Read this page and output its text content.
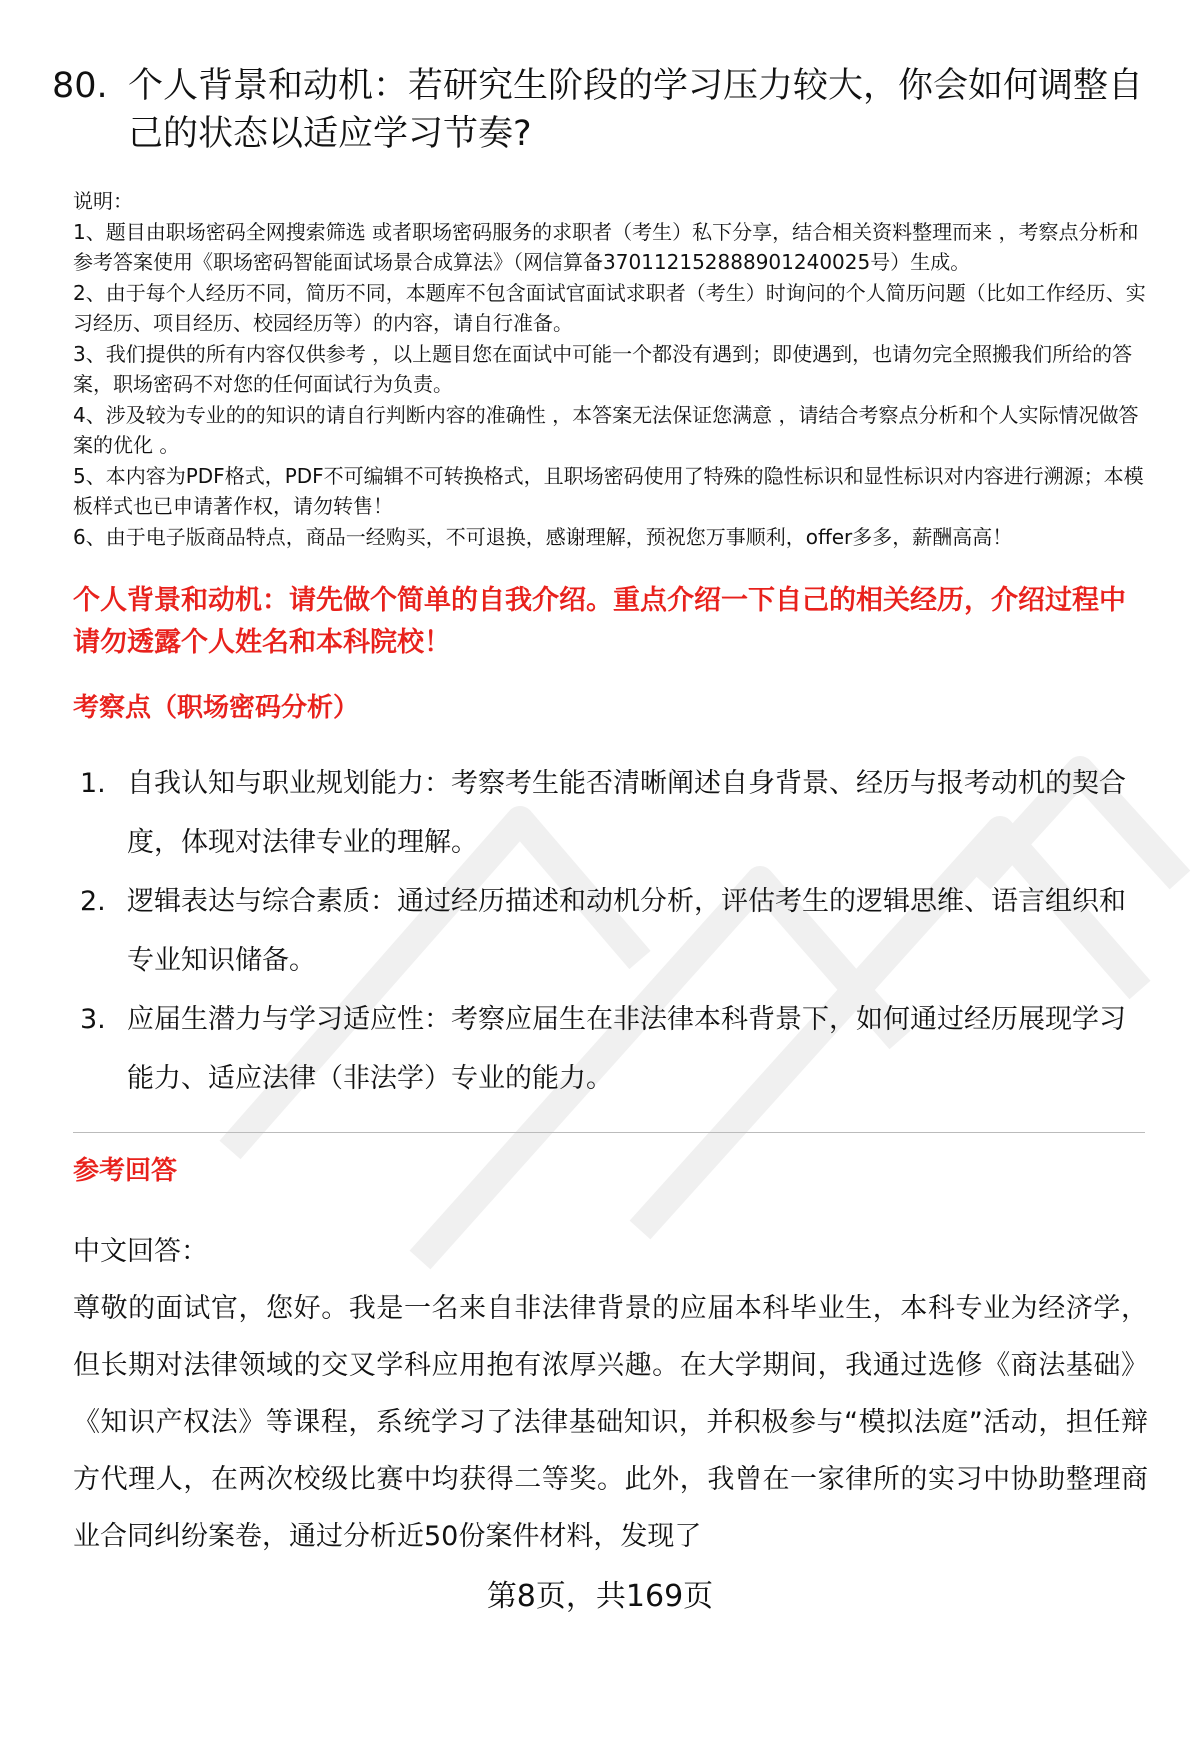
80. 个人背景和动机：若研究生阶段的学习压力较大，你会如何调整自己的状态以适应学习节奏?
说明：
1、题目由职场密码全网搜索筛选 或者职场密码服务的求职者（考生）私下分享，结合相关资料整理而来 ，考察点分析和参考答案使用《职场密码智能面试场景合成算法》（网信算备370112152888901240025号）生成。
2、由于每个人经历不同，简历不同，本题库不包含面试官面试求职者（考生）时询问的个人简历问题（比如工作经历、实习经历、项目经历、校园经历等）的内容，请自行准备。
3、我们提供的所有内容仅供参考 ，以上题目您在面试中可能一个都没有遇到；即使遇到，也请勿完全照搬我们所给的答案，职场密码不对您的任何面试行为负责。
4、涉及较为专业的的知识的请自行判断内容的准确性 ，本答案无法保证您满意 ，请结合考察点分析和个人实际情况做答案的优化 。
5、本内容为PDF格式，PDF不可编辑不可转换格式，且职场密码使用了特殊的隐性标识和显性标识对内容进行溯源；本模板样式也已申请著作权，请勿转售！
6、由于电子版商品特点，商品一经购买，不可退换，感谢理解，预祝您万事顺利，offer多多，薪酬高高！
个人背景和动机：请先做个简单的自我介绍。重点介绍一下自己的相关经历，介绍过程中请勿透露个人姓名和本科院校！
考察点（职场密码分析）
1. 自我认知与职业规划能力：考察考生能否清晰阐述自身背景、经历与报考动机的契合度，体现对法律专业的理解。
2. 逻辑表达与综合素质：通过经历描述和动机分析，评估考生的逻辑思维、语言组织和专业知识储备。
3. 应届生潜力与学习适应性：考察应届生在非法律本科背景下，如何通过经历展现学习能力、适应法律（非法学）专业的能力。
参考回答
中文回答：
尊敬的面试官，您好。我是一名来自非法律背景的应届本科毕业生，本科专业为经济学，但长期对法律领域的交叉学科应用抱有浓厚兴趣。在大学期间，我通过选修《商法基础》《知识产权法》等课程，系统学习了法律基础知识，并积极参与“模拟法庭”活动，担任辩方代理人，在两次校级比赛中均获得二等奖。此外，我曾在一家律所的实习中协助整理商业合同纠纷案卷，通过分析近50份案件材料，发现了
第8页，共169页
